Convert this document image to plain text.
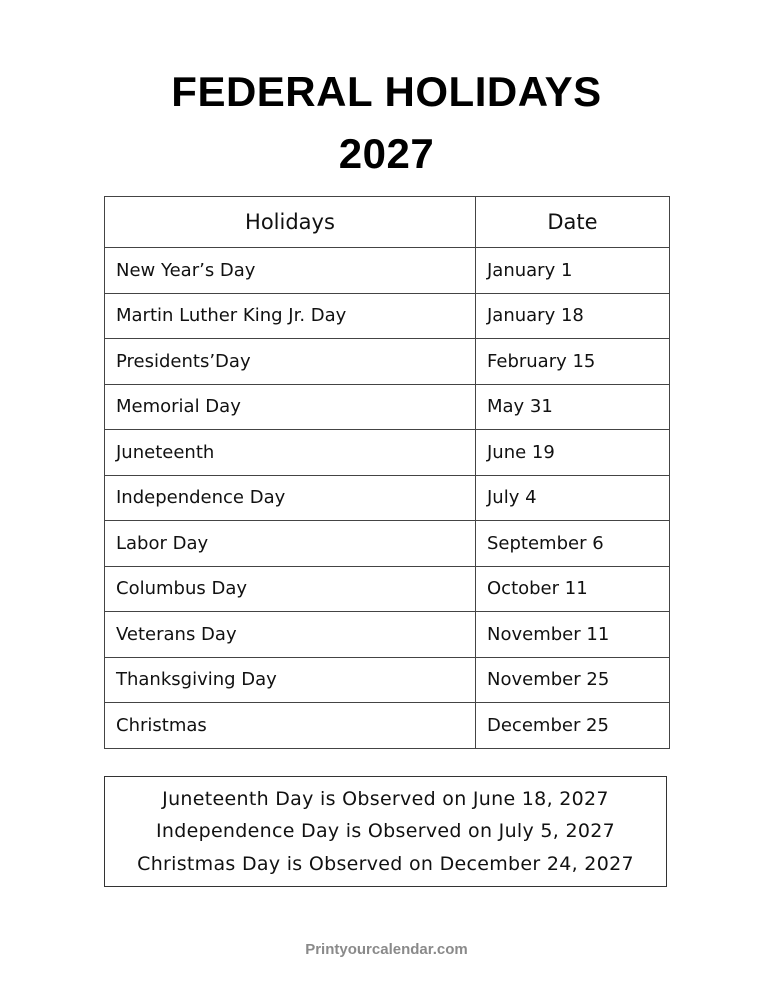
FEDERAL HOLIDAYS
2027
Holidays	Date
New Year’s Day	January 1
Martin Luther King Jr. Day	January 18
Presidents’Day	February 15
Memorial Day	May 31
Juneteenth	June 19
Independence Day	July 4
Labor Day	September 6
Columbus Day	October 11
Veterans Day	November 11
Thanksgiving Day	November 25
Christmas	December 25
Juneteenth Day is Observed on June 18, 2027
Independence Day is Observed on July 5, 2027
Christmas Day is Observed on December 24, 2027
Printyourcalendar.com
